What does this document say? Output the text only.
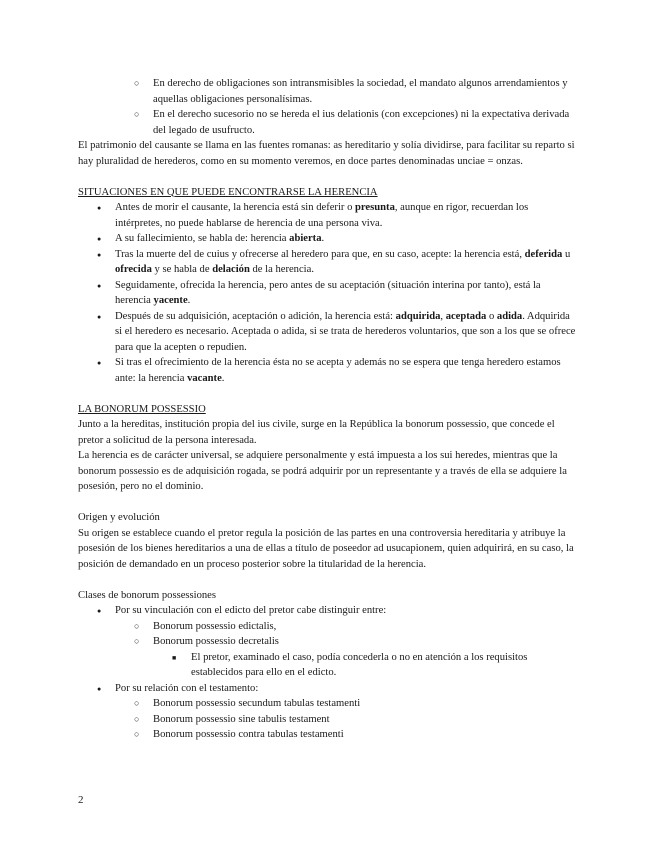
○
En derecho de obligaciones son intransmisibles la sociedad, el mandato algunos arrendamientos y aquellas obligaciones personalísimas.
○
En el derecho sucesorio no se hereda el ius delationis (con excepciones) ni la expectativa derivada del legado de usufructo.

El patrimonio del causante se llama en las fuentes romanas: as hereditario y solía dividirse, para facilitar su reparto si hay pluralidad de herederos, como en su momento veremos, en doce partes denominadas unciae = onzas.

SITUACIONES EN QUE PUEDE ENCONTRARSE LA HERENCIA

●
Antes de morir el causante, la herencia está sin deferir o presunta, aunque en rigor, recuerdan los intérpretes, no puede hablarse de herencia de una persona viva.
●
A su fallecimiento, se habla de: herencia abierta.
●
Tras la muerte del de cuius y ofrecerse al heredero para que, en su caso, acepte: la herencia está, deferida u ofrecida y se habla de delación de la herencia.
●
Seguidamente, ofrecida la herencia, pero antes de su aceptación (situación interina por tanto), está la herencia yacente.
●
Después de su adquisición, aceptación o adición, la herencia está: adquirida, aceptada o adida. Adquirida si el heredero es necesario. Aceptada o adida, si se trata de herederos voluntarios, que son a los que se ofrece para que la acepten o repudien.
●
Si tras el ofrecimiento de la herencia ésta no se acepta y además no se espera que tenga heredero estamos ante: la herencia vacante.

LA BONORUM POSSESSIO

Junto a la hereditas, institución propia del ius civile, surge en la República la bonorum possessio, que concede el pretor a solicitud de la persona interesada.

La herencia es de carácter universal, se adquiere personalmente y está impuesta a los sui heredes, mientras que la bonorum possessio es de adquisición rogada, se podrá adquirir por un representante y a través de ella se adquiere la posesión, pero no el dominio.

Origen y evolución

Su origen se establece cuando el pretor regula la posición de las partes en una controversia hereditaria y atribuye la posesión de los bienes hereditarios a una de ellas a título de poseedor ad usucapionem, quien adquirirá, en su caso, la posición de demandado en un proceso posterior sobre la titularidad de la herencia.

Clases de bonorum possessiones

●
Por su vinculación con el edicto del pretor cabe distinguir entre:
○
Bonorum possessio edictalis,
○
Bonorum possessio decretalis
■
El pretor, examinado el caso, podía concederla o no en atención a los requisitos establecidos para ello en el edicto.
●
Por su relación con el testamento:
○
Bonorum possessio secundum tabulas testamenti
○
Bonorum possessio sine tabulis testament
○
Bonorum possessio contra tabulas testamenti
2
